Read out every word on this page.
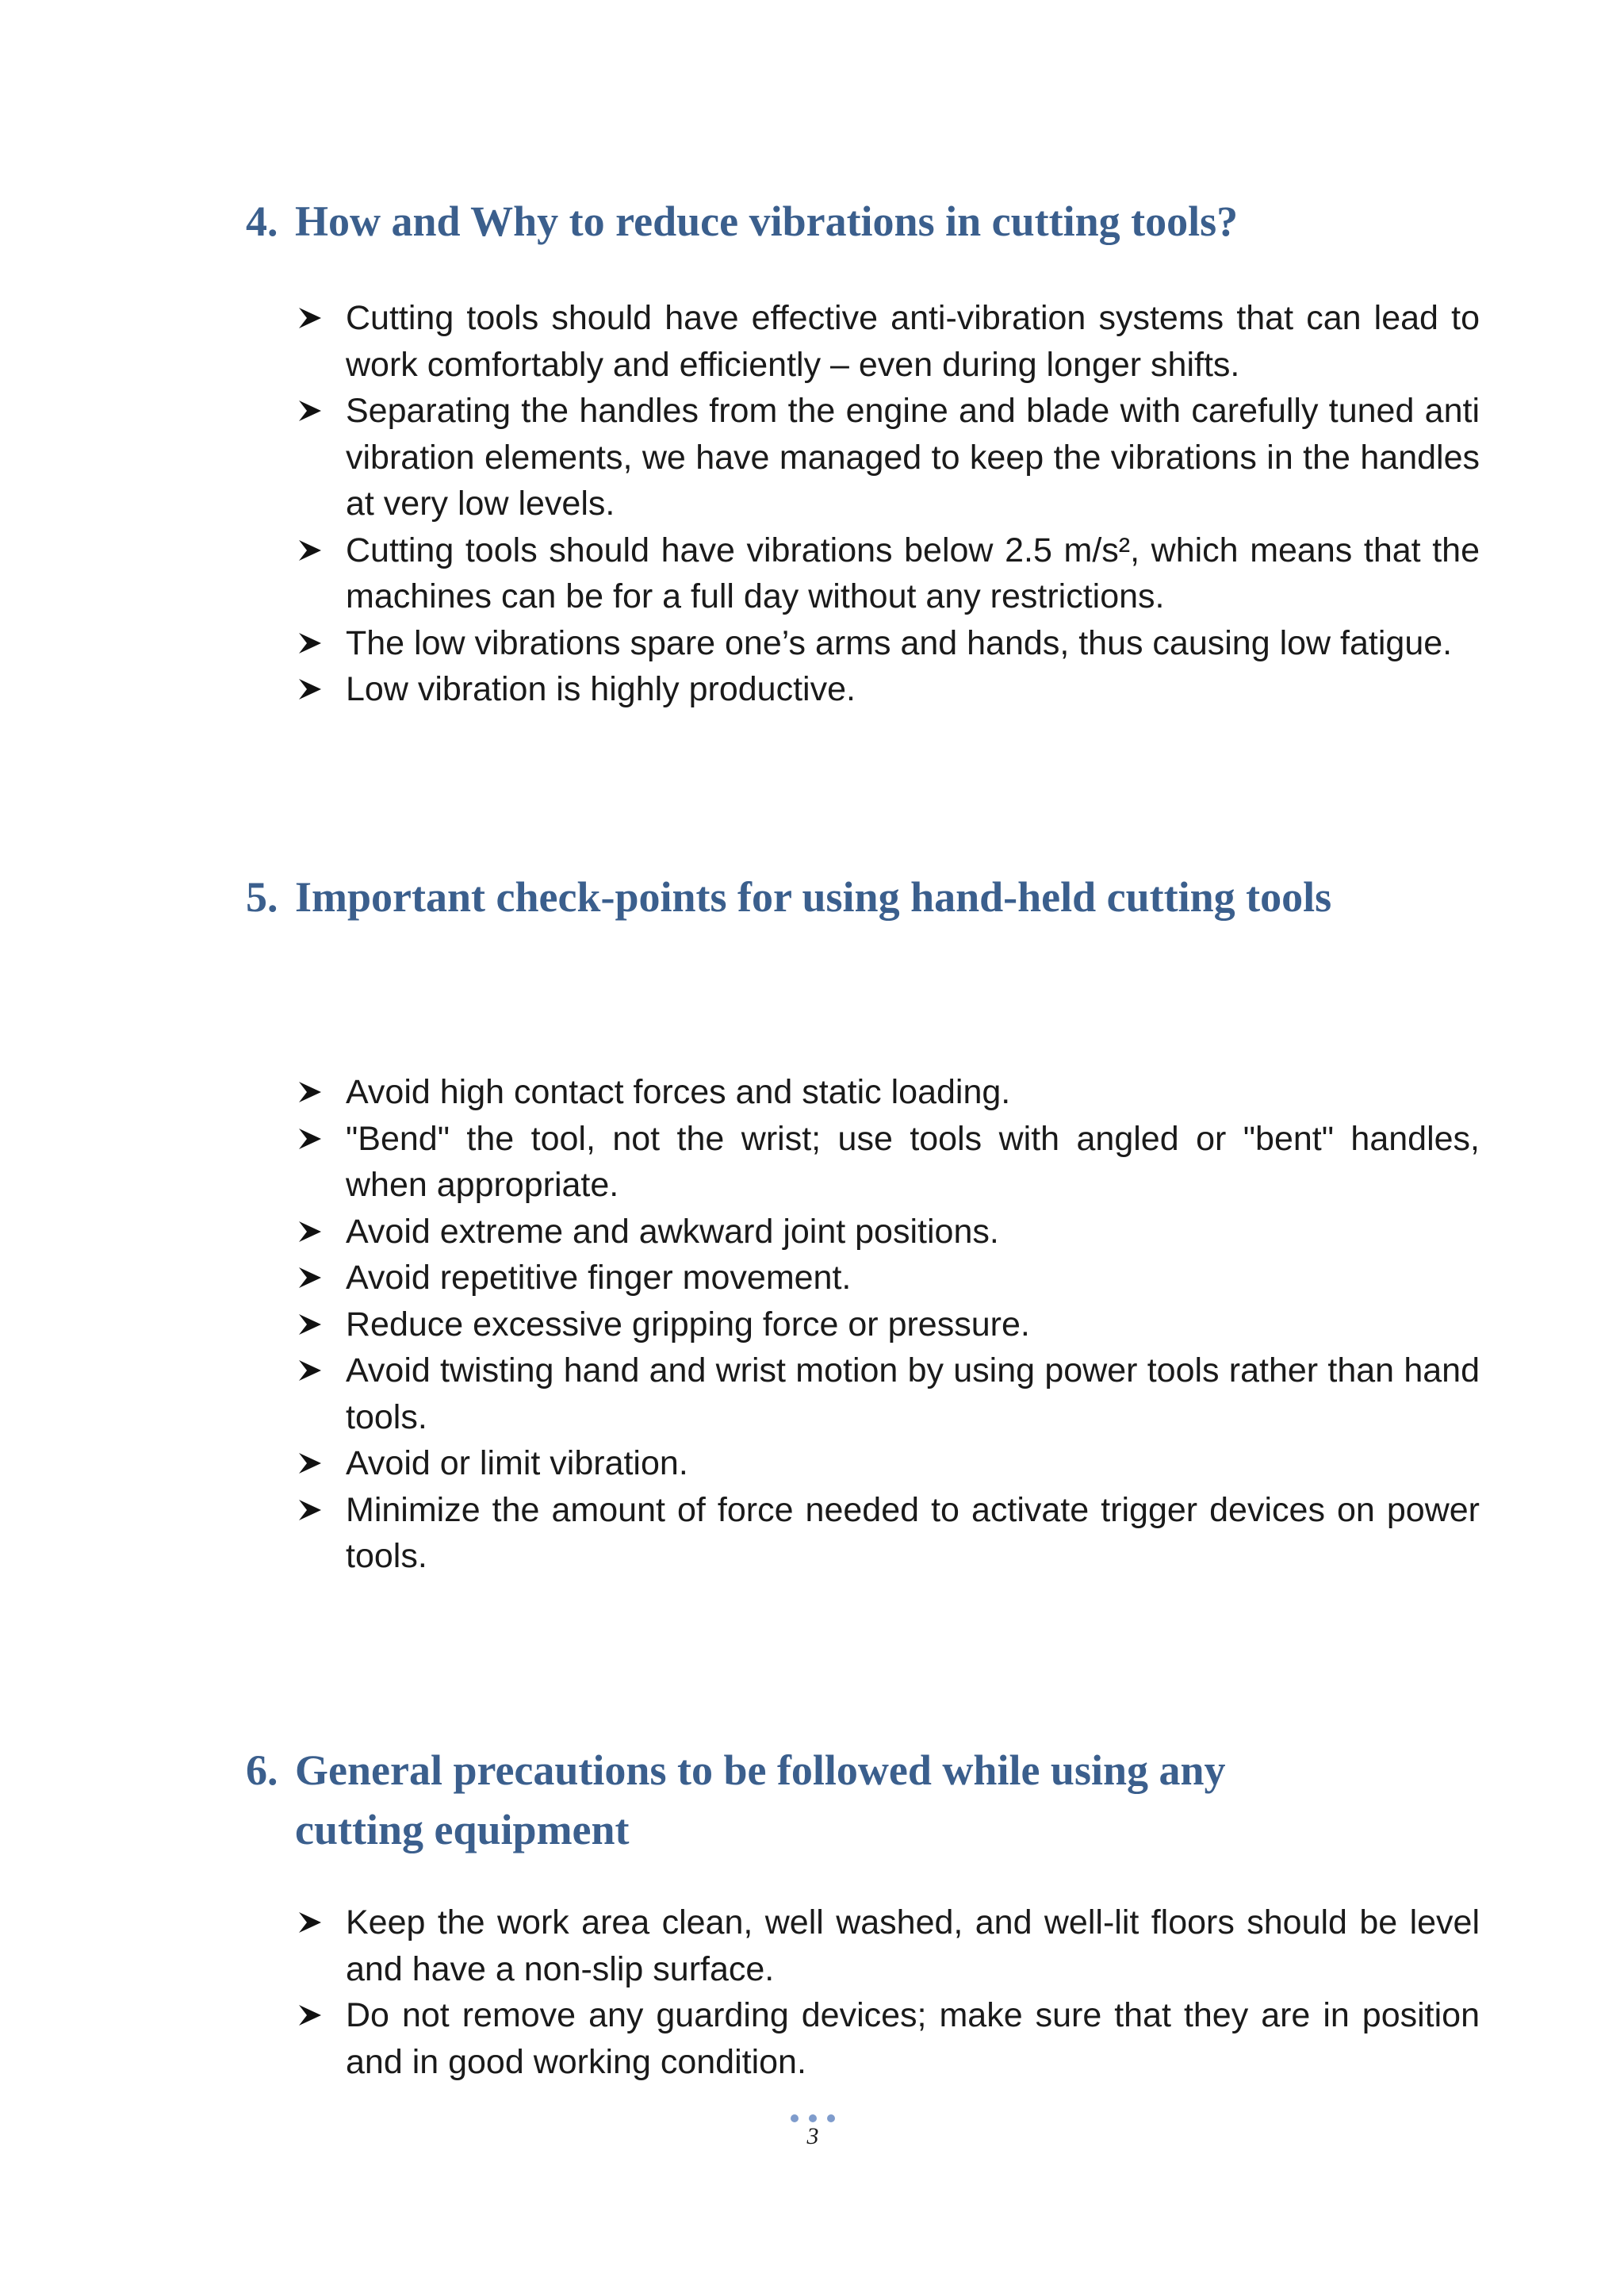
4. How and Why to reduce vibrations in cutting tools?
Cutting tools should have effective anti-vibration systems that can lead to work comfortably and efficiently – even during longer shifts.
Separating the handles from the engine and blade with carefully tuned anti vibration elements, we have managed to keep the vibrations in the handles at very low levels.
Cutting tools should have vibrations below 2.5 m/s², which means that the machines can be for a full day without any restrictions.
The low vibrations spare one’s arms and hands, thus causing low fatigue.
Low vibration is highly productive.
5. Important check-points for using hand-held cutting tools
Avoid high contact forces and static loading.
"Bend" the tool, not the wrist; use tools with angled or "bent" handles, when appropriate.
Avoid extreme and awkward joint positions.
Avoid repetitive finger movement.
Reduce excessive gripping force or pressure.
Avoid twisting hand and wrist motion by using power tools rather than hand tools.
Avoid or limit vibration.
Minimize the amount of force needed to activate trigger devices on power tools.
6. General precautions to be followed while using any cutting equipment
Keep the work area clean, well washed, and well-lit floors should be level and have a non-slip surface.
Do not remove any guarding devices; make sure that they are in position and in good working condition.
3
